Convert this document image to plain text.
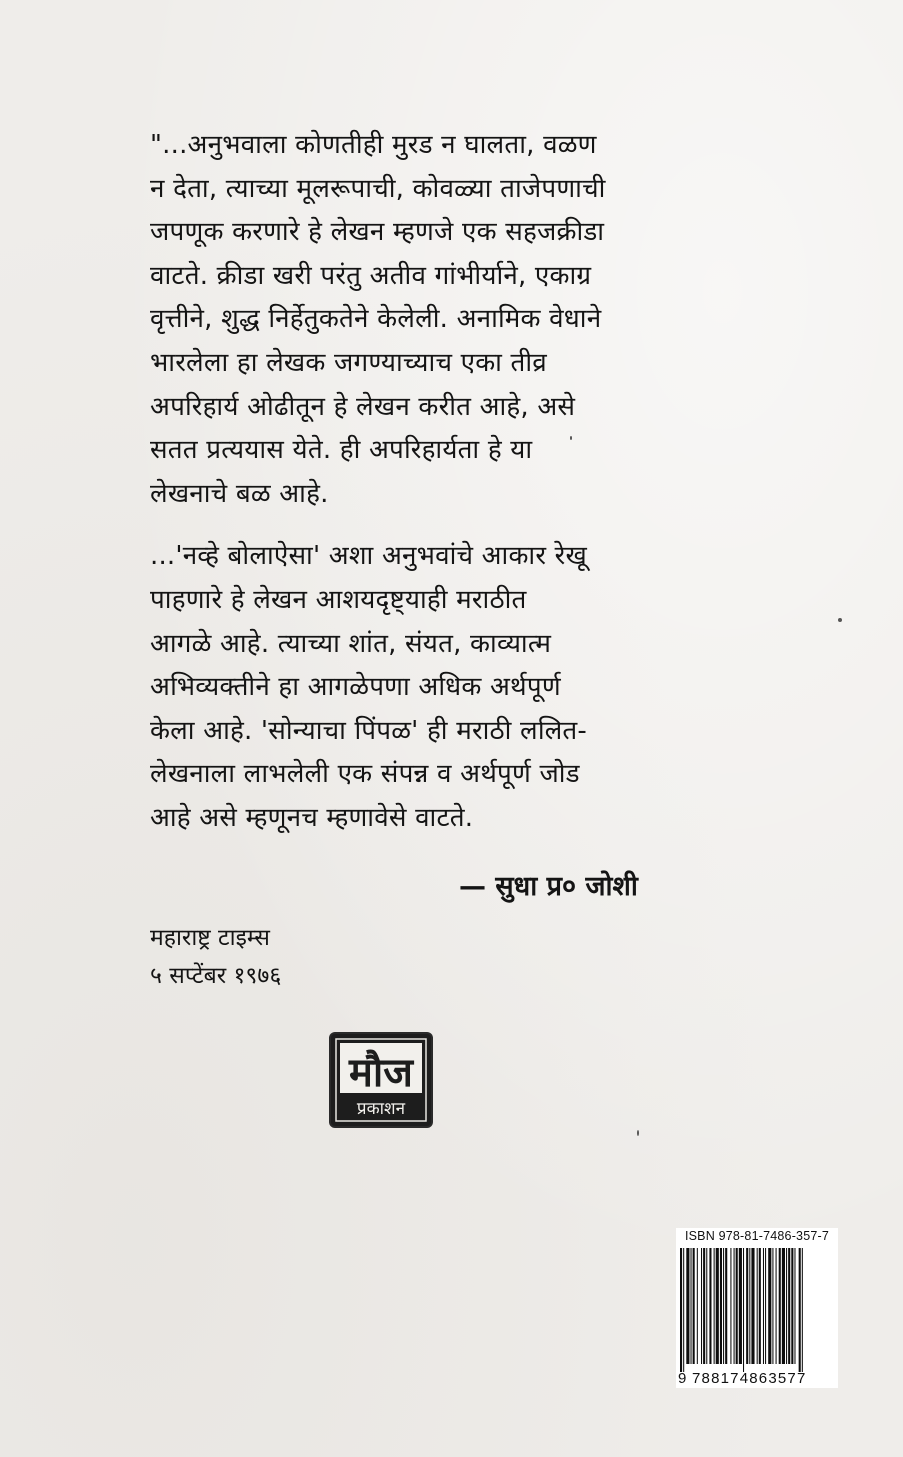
"...अनुभवाला कोणतीही मुरड न घालता, वळण
न देता, त्याच्या मूलरूपाची, कोवळ्या ताजेपणाची
जपणूक करणारे हे लेखन म्हणजे एक सहजक्रीडा
वाटते. क्रीडा खरी परंतु अतीव गांभीर्याने, एकाग्र
वृत्तीने, शुद्ध निर्हेतुकतेने केलेली. अनामिक वेधाने
भारलेला हा लेखक जगण्याच्याच एका तीव्र
अपरिहार्य ओढीतून हे लेखन करीत आहे, असे
सतत प्रत्ययास येते. ही अपरिहार्यता हे या
लेखनाचे बळ आहे.

...'नव्हे बोलाऐसा' अशा अनुभवांचे आकार रेखू
पाहणारे हे लेखन आशयदृष्ट्याही मराठीत
आगळे आहे. त्याच्या शांत, संयत, काव्यात्म
अभिव्यक्तीने हा आगळेपणा अधिक अर्थपूर्ण
केला आहे. 'सोन्याचा पिंपळ' ही मराठी ललित-
लेखनाला लाभलेली एक संपन्न व अर्थपूर्ण जोड
आहे असे म्हणूनच म्हणावेसे वाटते.

— सुधा प्र० जोशी
महाराष्ट्र टाइम्स
५ सप्टेंबर १९७६
मौज
प्रकाशन
ISBN 978-81-7486-357-7
9 788174863577
